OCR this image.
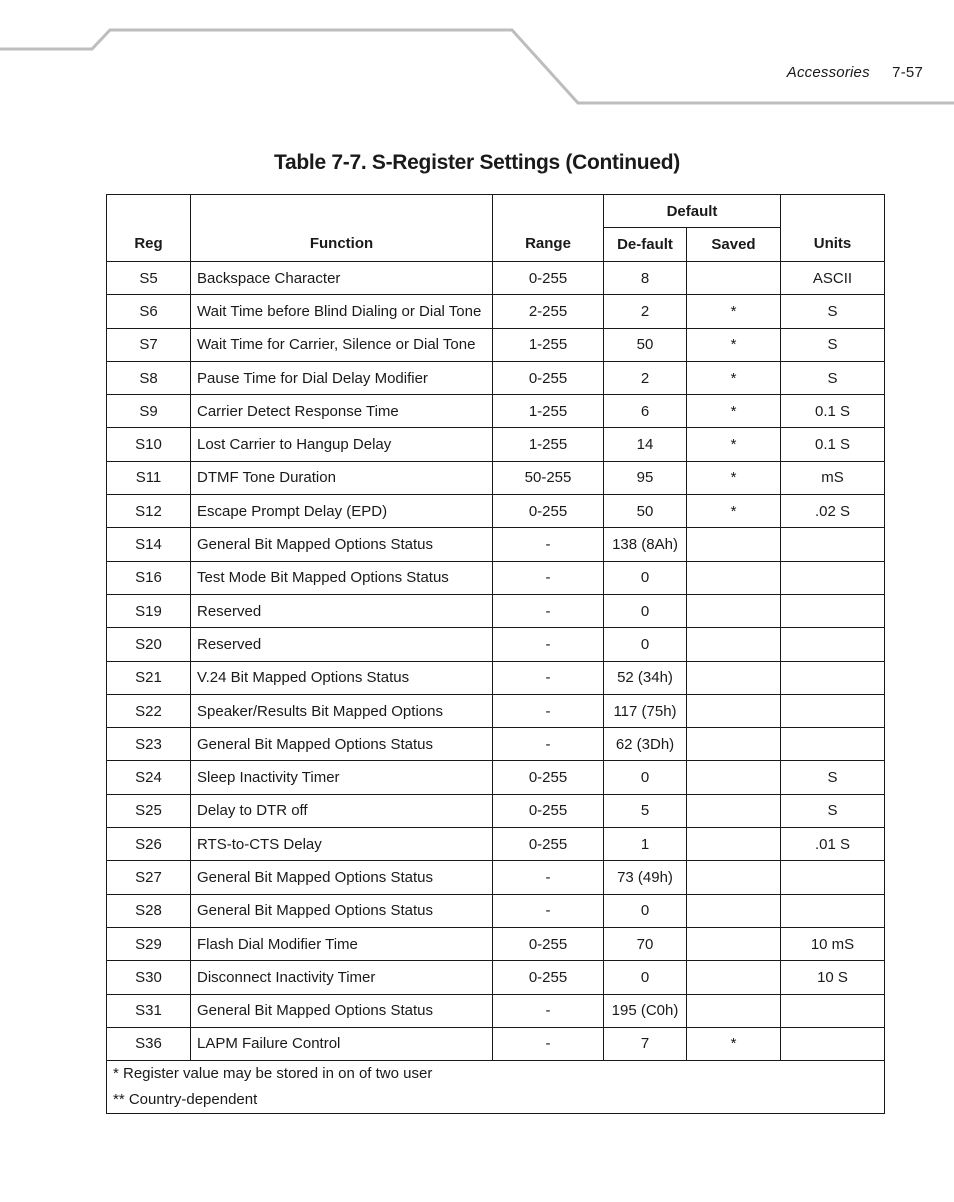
Accessories 7-57
Table 7-7. S-Register Settings (Continued)
Reg	Function	Range	Default		Units
			De-fault	Saved	
S5	Backspace Character	0-255	8		ASCII
S6	Wait Time before Blind Dialing or Dial Tone	2-255	2	*	S
S7	Wait Time for Carrier, Silence or Dial Tone	1-255	50	*	S
S8	Pause Time for Dial Delay Modifier	0-255	2	*	S
S9	Carrier Detect Response Time	1-255	6	*	0.1 S
S10	Lost Carrier to Hangup Delay	1-255	14	*	0.1 S
S11	DTMF Tone Duration	50-255	95	*	mS
S12	Escape Prompt Delay (EPD)	0-255	50	*	.02 S
S14	General Bit Mapped Options Status	-	138 (8Ah)		
S16	Test Mode Bit Mapped Options Status	-	0		
S19	Reserved	-	0		
S20	Reserved	-	0		
S21	V.24 Bit Mapped Options Status	-	52 (34h)		
S22	Speaker/Results Bit Mapped Options	-	117 (75h)		
S23	General Bit Mapped Options Status	-	62 (3Dh)		
S24	Sleep Inactivity Timer	0-255	0		S
S25	Delay to DTR off	0-255	5		S
S26	RTS-to-CTS Delay	0-255	1		.01 S
S27	General Bit Mapped Options Status	-	73 (49h)		
S28	General Bit Mapped Options Status	-	0		
S29	Flash Dial Modifier Time	0-255	70		10 mS
S30	Disconnect Inactivity Timer	0-255	0		10 S
S31	General Bit Mapped Options Status	-	195 (C0h)		
S36	LAPM Failure Control	-	7	*	

* Register value may be stored in on of two user
** Country-dependent					
